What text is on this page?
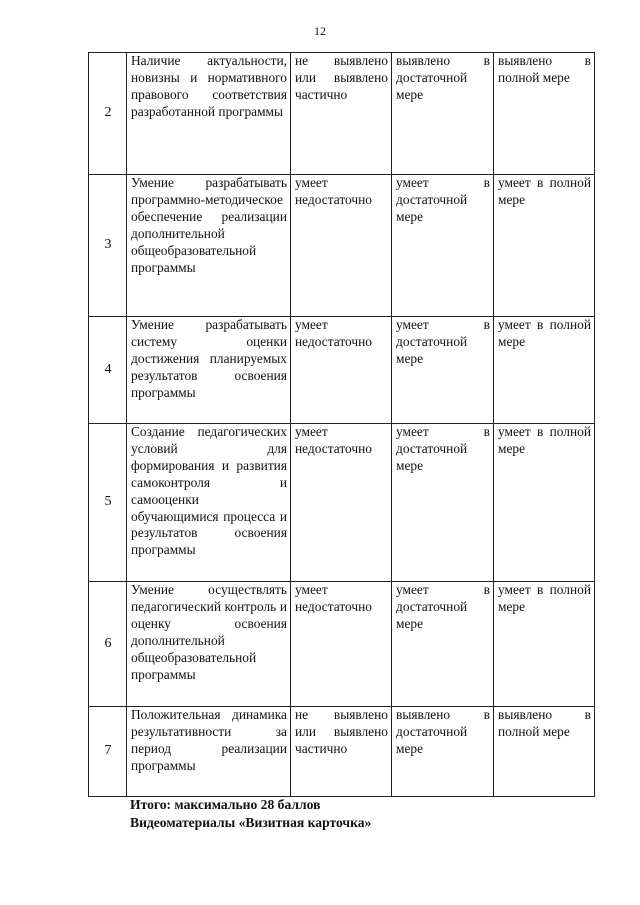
12
2	Наличие актуальности, новизны и нормативного правового соответствия разработанной программы	не выявлено или выявлено частично	выявлено в достаточной мере	выявлено в полной мере
3	Умение разрабатывать программно-методическое обеспечение реализации дополнительной общеобразовательной программы	умеет недостаточно	умеет в достаточной мере	умеет в полной мере
4	Умение разрабатывать систему оценки достижения планируемых результатов освоения программы	умеет недостаточно	умеет в достаточной мере	умеет в полной мере
5	Создание педагогических условий для формирования и развития самоконтроля и самооценки обучающимися процесса и результатов освоения программы	умеет недостаточно	умеет в достаточной мере	умеет в полной мере
6	Умение осуществлять педагогический контроль и оценку освоения дополнительной общеобразовательной программы	умеет недостаточно	умеет в достаточной мере	умеет в полной мере
7	Положительная динамика результативности за период реализации программы	не выявлено или выявлено частично	выявлено в достаточной мере	выявлено в полной мере
Итого: максимально 28 баллов
Видеоматериалы «Визитная карточка»
